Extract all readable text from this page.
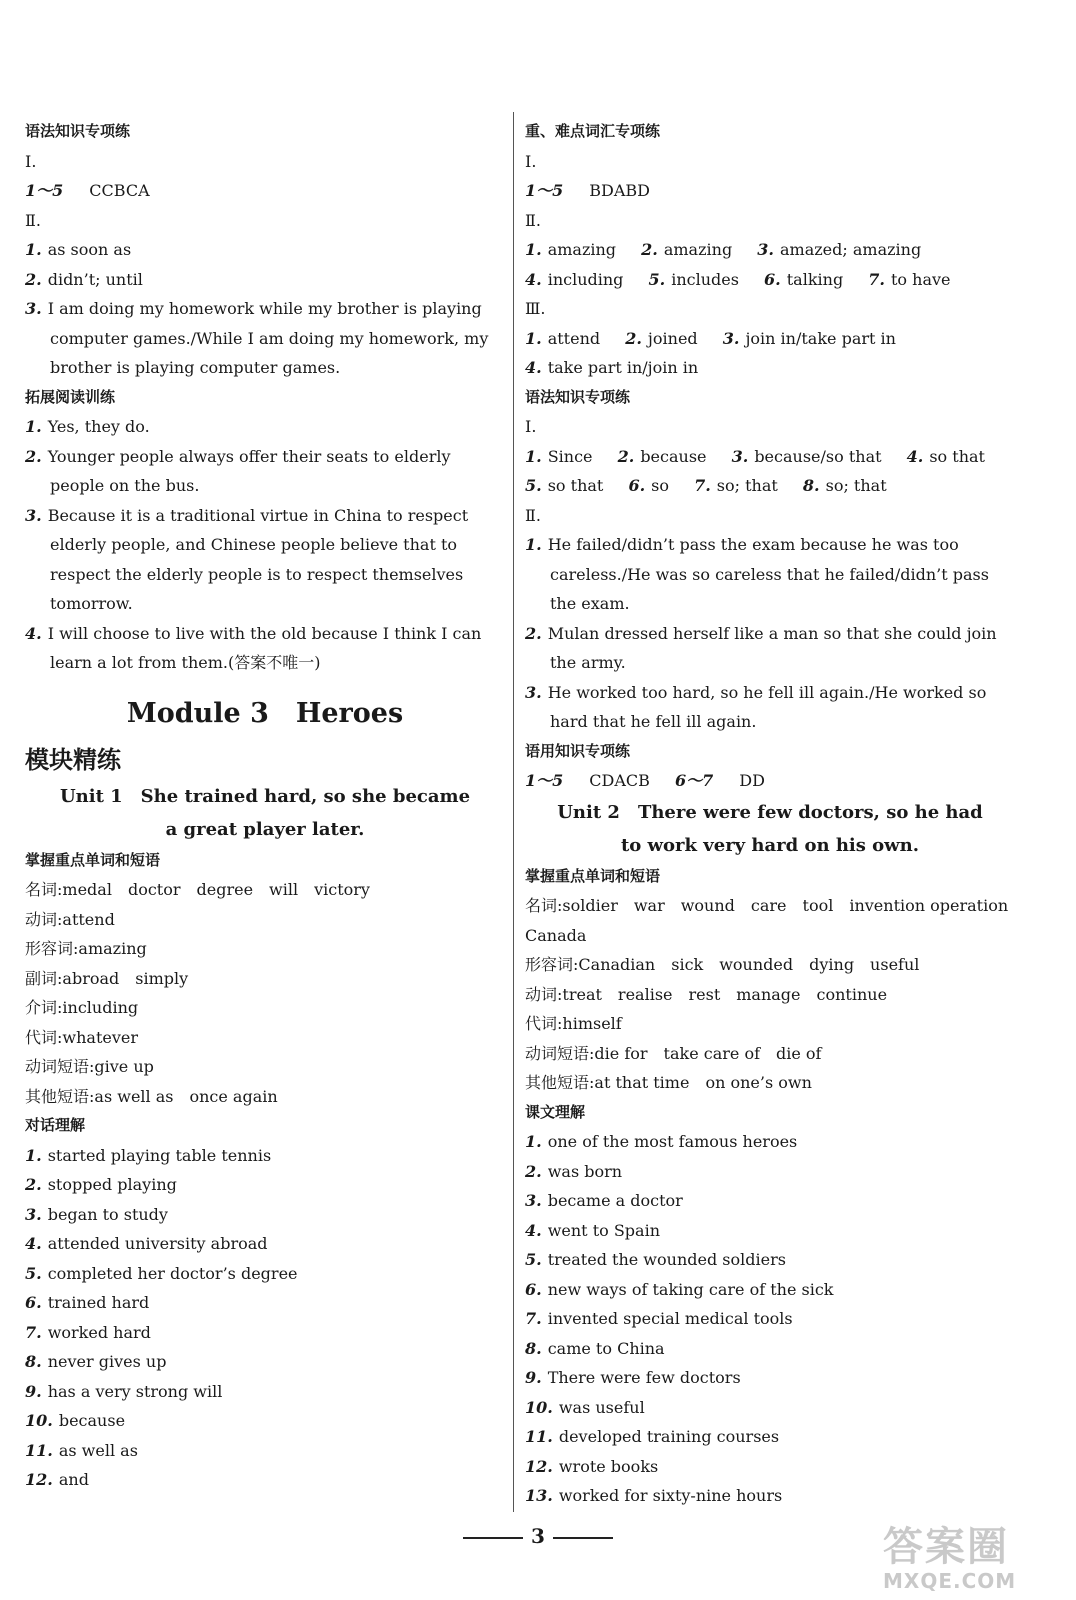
语法知识专项练
Ⅰ.
1～5 CCBCA
Ⅱ.
1. as soon as
2. didn’t; until
3. I am doing my homework while my brother is playing computer games./While I am doing my homework, my brother is playing computer games.
拓展阅读训练
1. Yes, they do.
2. Younger people always offer their seats to elderly people on the bus.
3. Because it is a traditional virtue in China to respect elderly people, and Chinese people believe that to respect the elderly people is to respect themselves tomorrow.
4. I will choose to live with the old because I think I can learn a lot from them.(答案不唯一)
Module 3　Heroes
模块精练
Unit 1　She trained hard, so she became
a great player later.
掌握重点单词和短语
名词:medal　doctor　degree　will　victory
动词:attend
形容词:amazing
副词:abroad　simply
介词:including
代词:whatever
动词短语:give up
其他短语:as well as　once again
对话理解
1. started playing table tennis
2. stopped playing
3. began to study
4. attended university abroad
5. completed her doctor’s degree
6. trained hard
7. worked hard
8. never gives up
9. has a very strong will
10. because
11. as well as
12. and
重、难点词汇专项练
Ⅰ.
1～5 BDABD
Ⅱ.
1. amazing 2. amazing 3. amazed; amazing
4. including 5. includes 6. talking 7. to have
Ⅲ.
1. attend 2. joined 3. join in/take part in
4. take part in/join in
语法知识专项练
Ⅰ.
1. Since 2. because 3. because/so that 4. so that
5. so that 6. so 7. so; that 8. so; that
Ⅱ.
1. He failed/didn’t pass the exam because he was too careless./He was so careless that he failed/didn’t pass the exam.
2. Mulan dressed herself like a man so that she could join the army.
3. He worked too hard, so he fell ill again./He worked so hard that he fell ill again.
语用知识专项练
1～5 CDACB 6～7 DD
Unit 2　There were few doctors, so he had
to work very hard on his own.
掌握重点单词和短语
名词:soldier　war　wound　care　tool　invention operation　Canada
形容词:Canadian　sick　wounded　dying　useful
动词:treat　realise　rest　manage　continue
代词:himself
动词短语:die for　take care of　die of
其他短语:at that time　on one’s own
课文理解
1. one of the most famous heroes
2. was born
3. became a doctor
4. went to Spain
5. treated the wounded soldiers
6. new ways of taking care of the sick
7. invented special medical tools
8. came to China
9. There were few doctors
10. was useful
11. developed training courses
12. wrote books
13. worked for sixty-nine hours
3	答案圈
MXQE.COM
